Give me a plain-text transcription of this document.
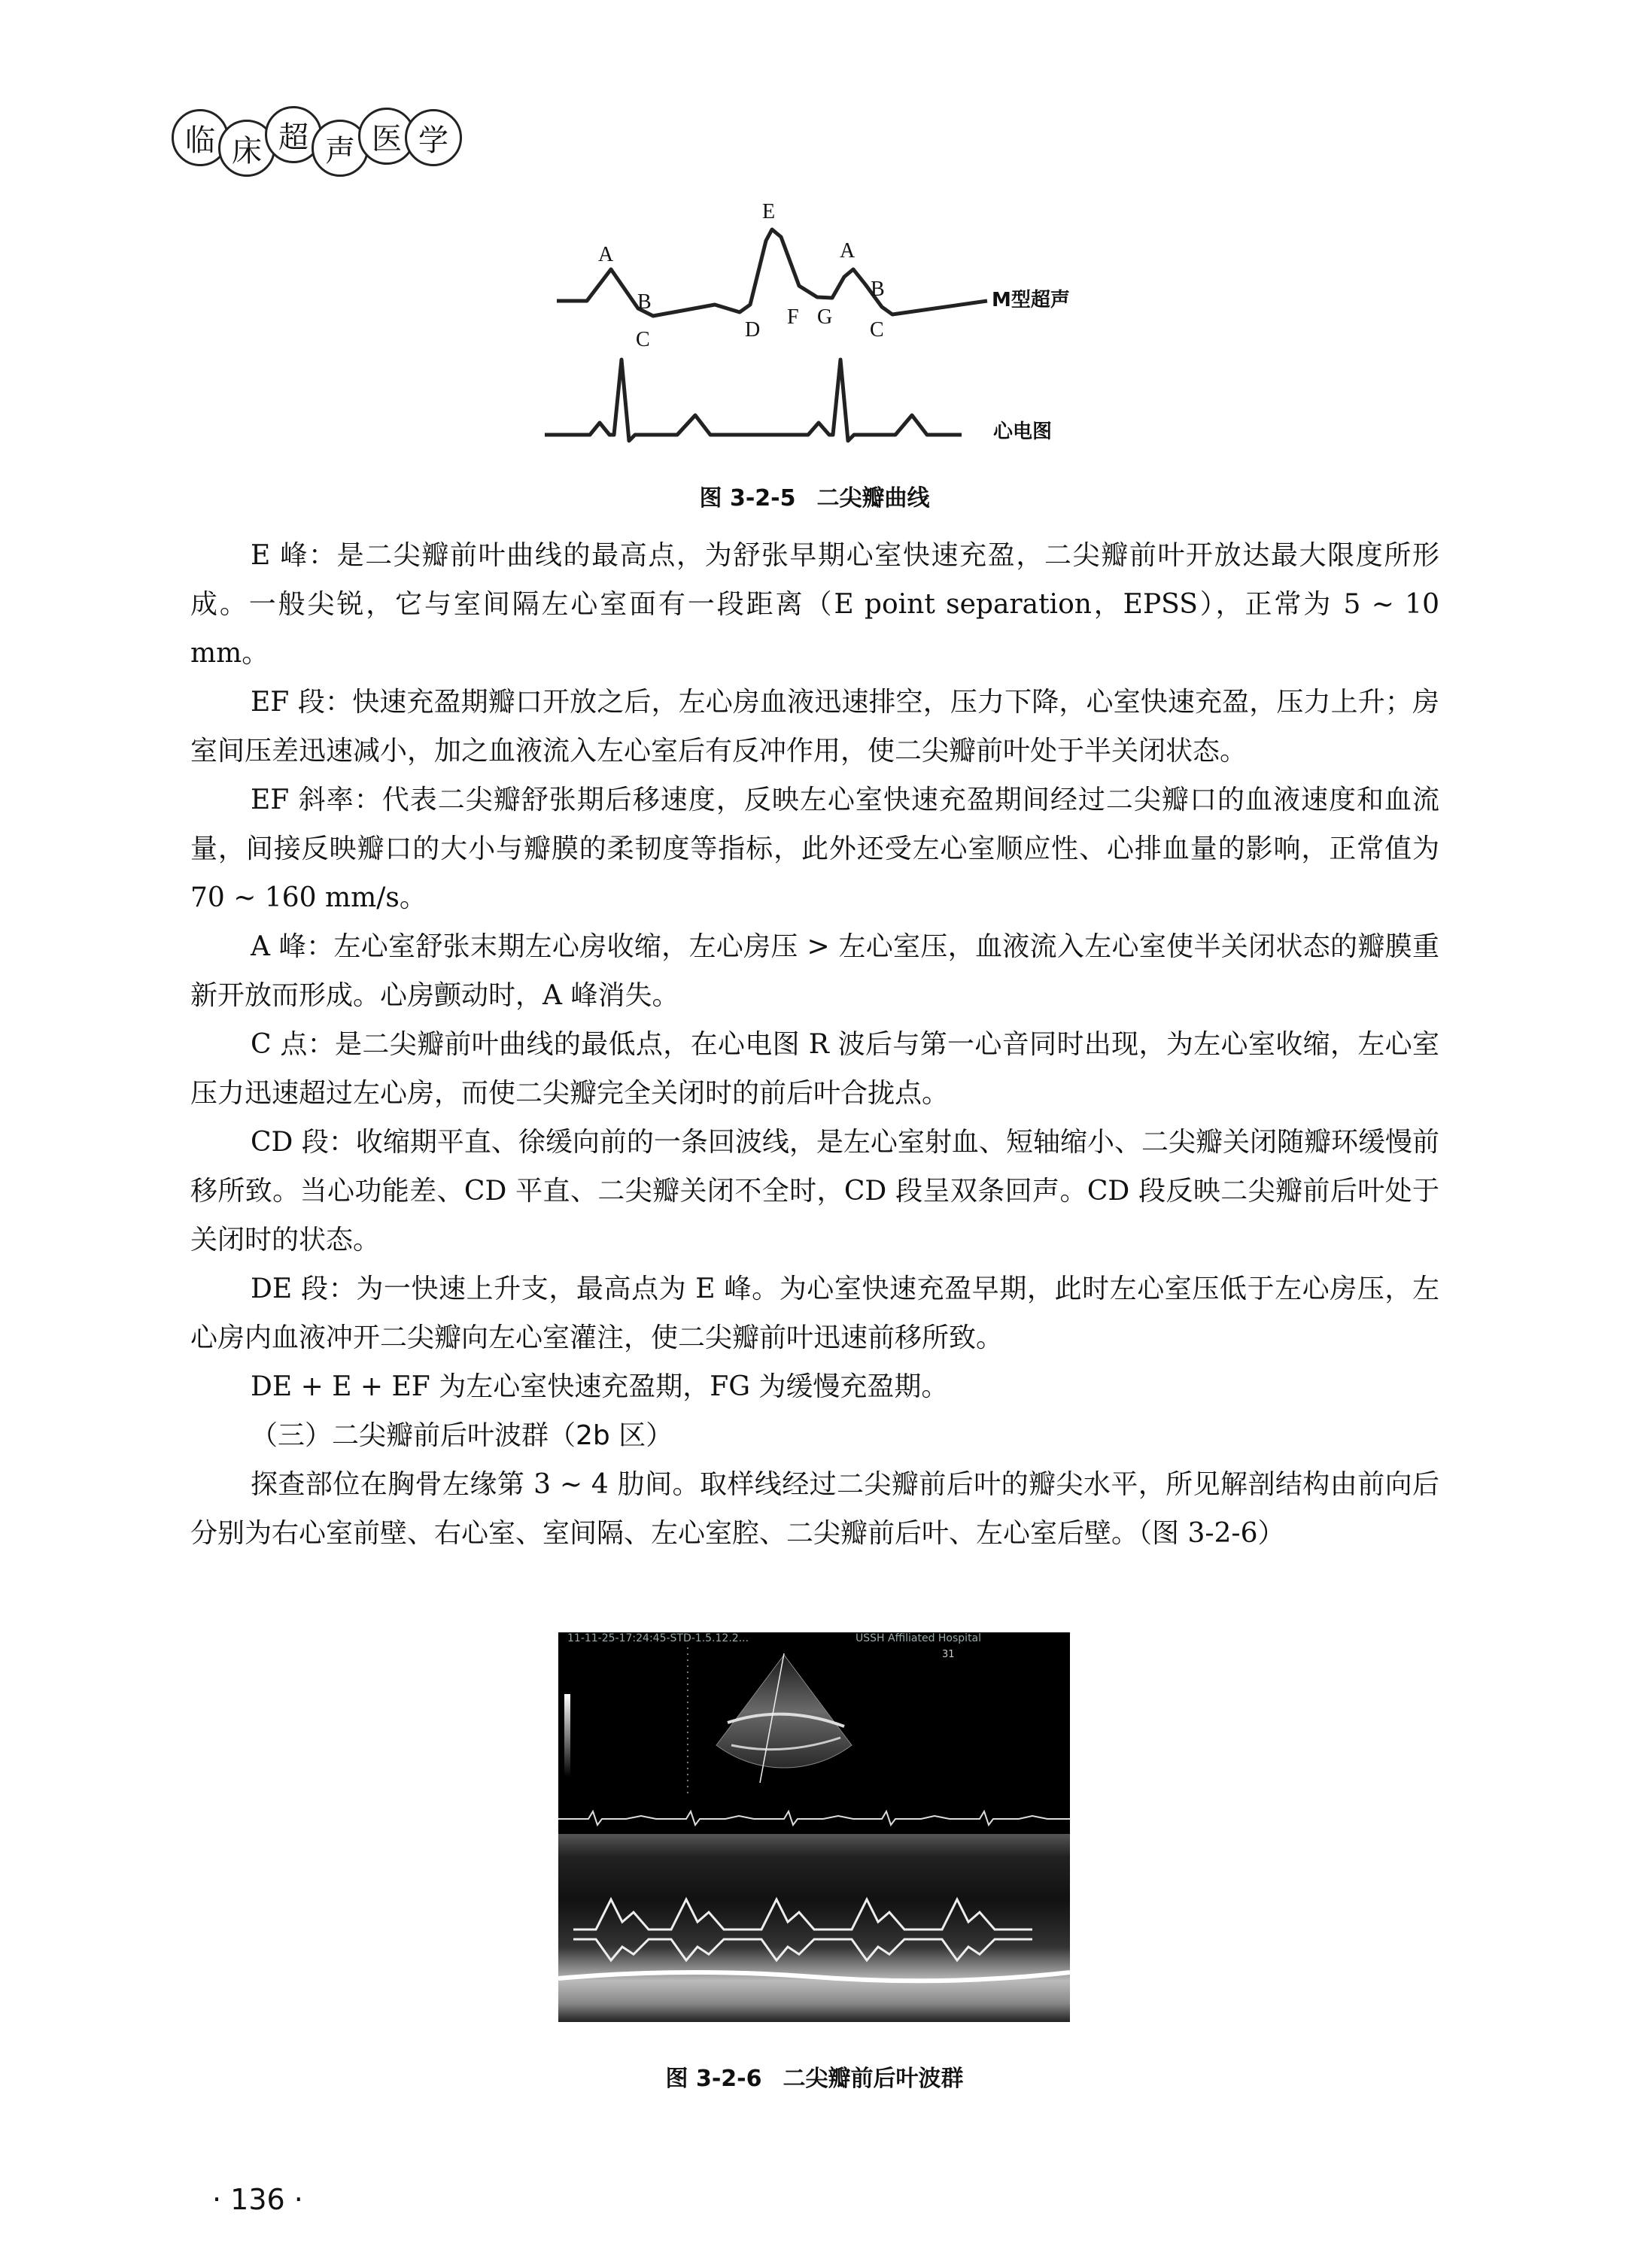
临 床 超 声 医 学
A
B
C
E
D
F G
A
B
C
M型超声
心电图
图 3-2-5 二尖瓣曲线

E 峰：是二尖瓣前叶曲线的最高点，为舒张早期心室快速充盈，二尖瓣前叶开放达最大限度所形成。一般尖锐，它与室间隔左心室面有一段距离（E point separation，EPSS），正常为 5 ~ 10 mm。

EF 段：快速充盈期瓣口开放之后，左心房血液迅速排空，压力下降，心室快速充盈，压力上升；房室间压差迅速减小，加之血液流入左心室后有反冲作用，使二尖瓣前叶处于半关闭状态。

EF 斜率：代表二尖瓣舒张期后移速度，反映左心室快速充盈期间经过二尖瓣口的血液速度和血流量，间接反映瓣口的大小与瓣膜的柔韧度等指标，此外还受左心室顺应性、心排血量的影响，正常值为 70 ~ 160 mm/s。

A 峰：左心室舒张末期左心房收缩，左心房压 > 左心室压，血液流入左心室使半关闭状态的瓣膜重新开放而形成。心房颤动时，A 峰消失。

C 点：是二尖瓣前叶曲线的最低点，在心电图 R 波后与第一心音同时出现，为左心室收缩，左心室压力迅速超过左心房，而使二尖瓣完全关闭时的前后叶合拢点。

CD 段：收缩期平直、徐缓向前的一条回波线，是左心室射血、短轴缩小、二尖瓣关闭随瓣环缓慢前移所致。当心功能差、CD 平直、二尖瓣关闭不全时，CD 段呈双条回声。CD 段反映二尖瓣前后叶处于关闭时的状态。

DE 段：为一快速上升支，最高点为 E 峰。为心室快速充盈早期，此时左心室压低于左心房压，左心房内血液冲开二尖瓣向左心室灌注，使二尖瓣前叶迅速前移所致。

DE + E + EF 为左心室快速充盈期，FG 为缓慢充盈期。

（三）二尖瓣前后叶波群（2b 区）

探查部位在胸骨左缘第 3 ~ 4 肋间。取样线经过二尖瓣前后叶的瓣尖水平，所见解剖结构由前向后分别为右心室前壁、右心室、室间隔、左心室腔、二尖瓣前后叶、左心室后壁。（图 3-2-6）

11-11-25-17:24:45-STD-1.5.12.2...	USSH Affiliated Hospital
31
图 3-2-6 二尖瓣前后叶波群
· 136 ·
